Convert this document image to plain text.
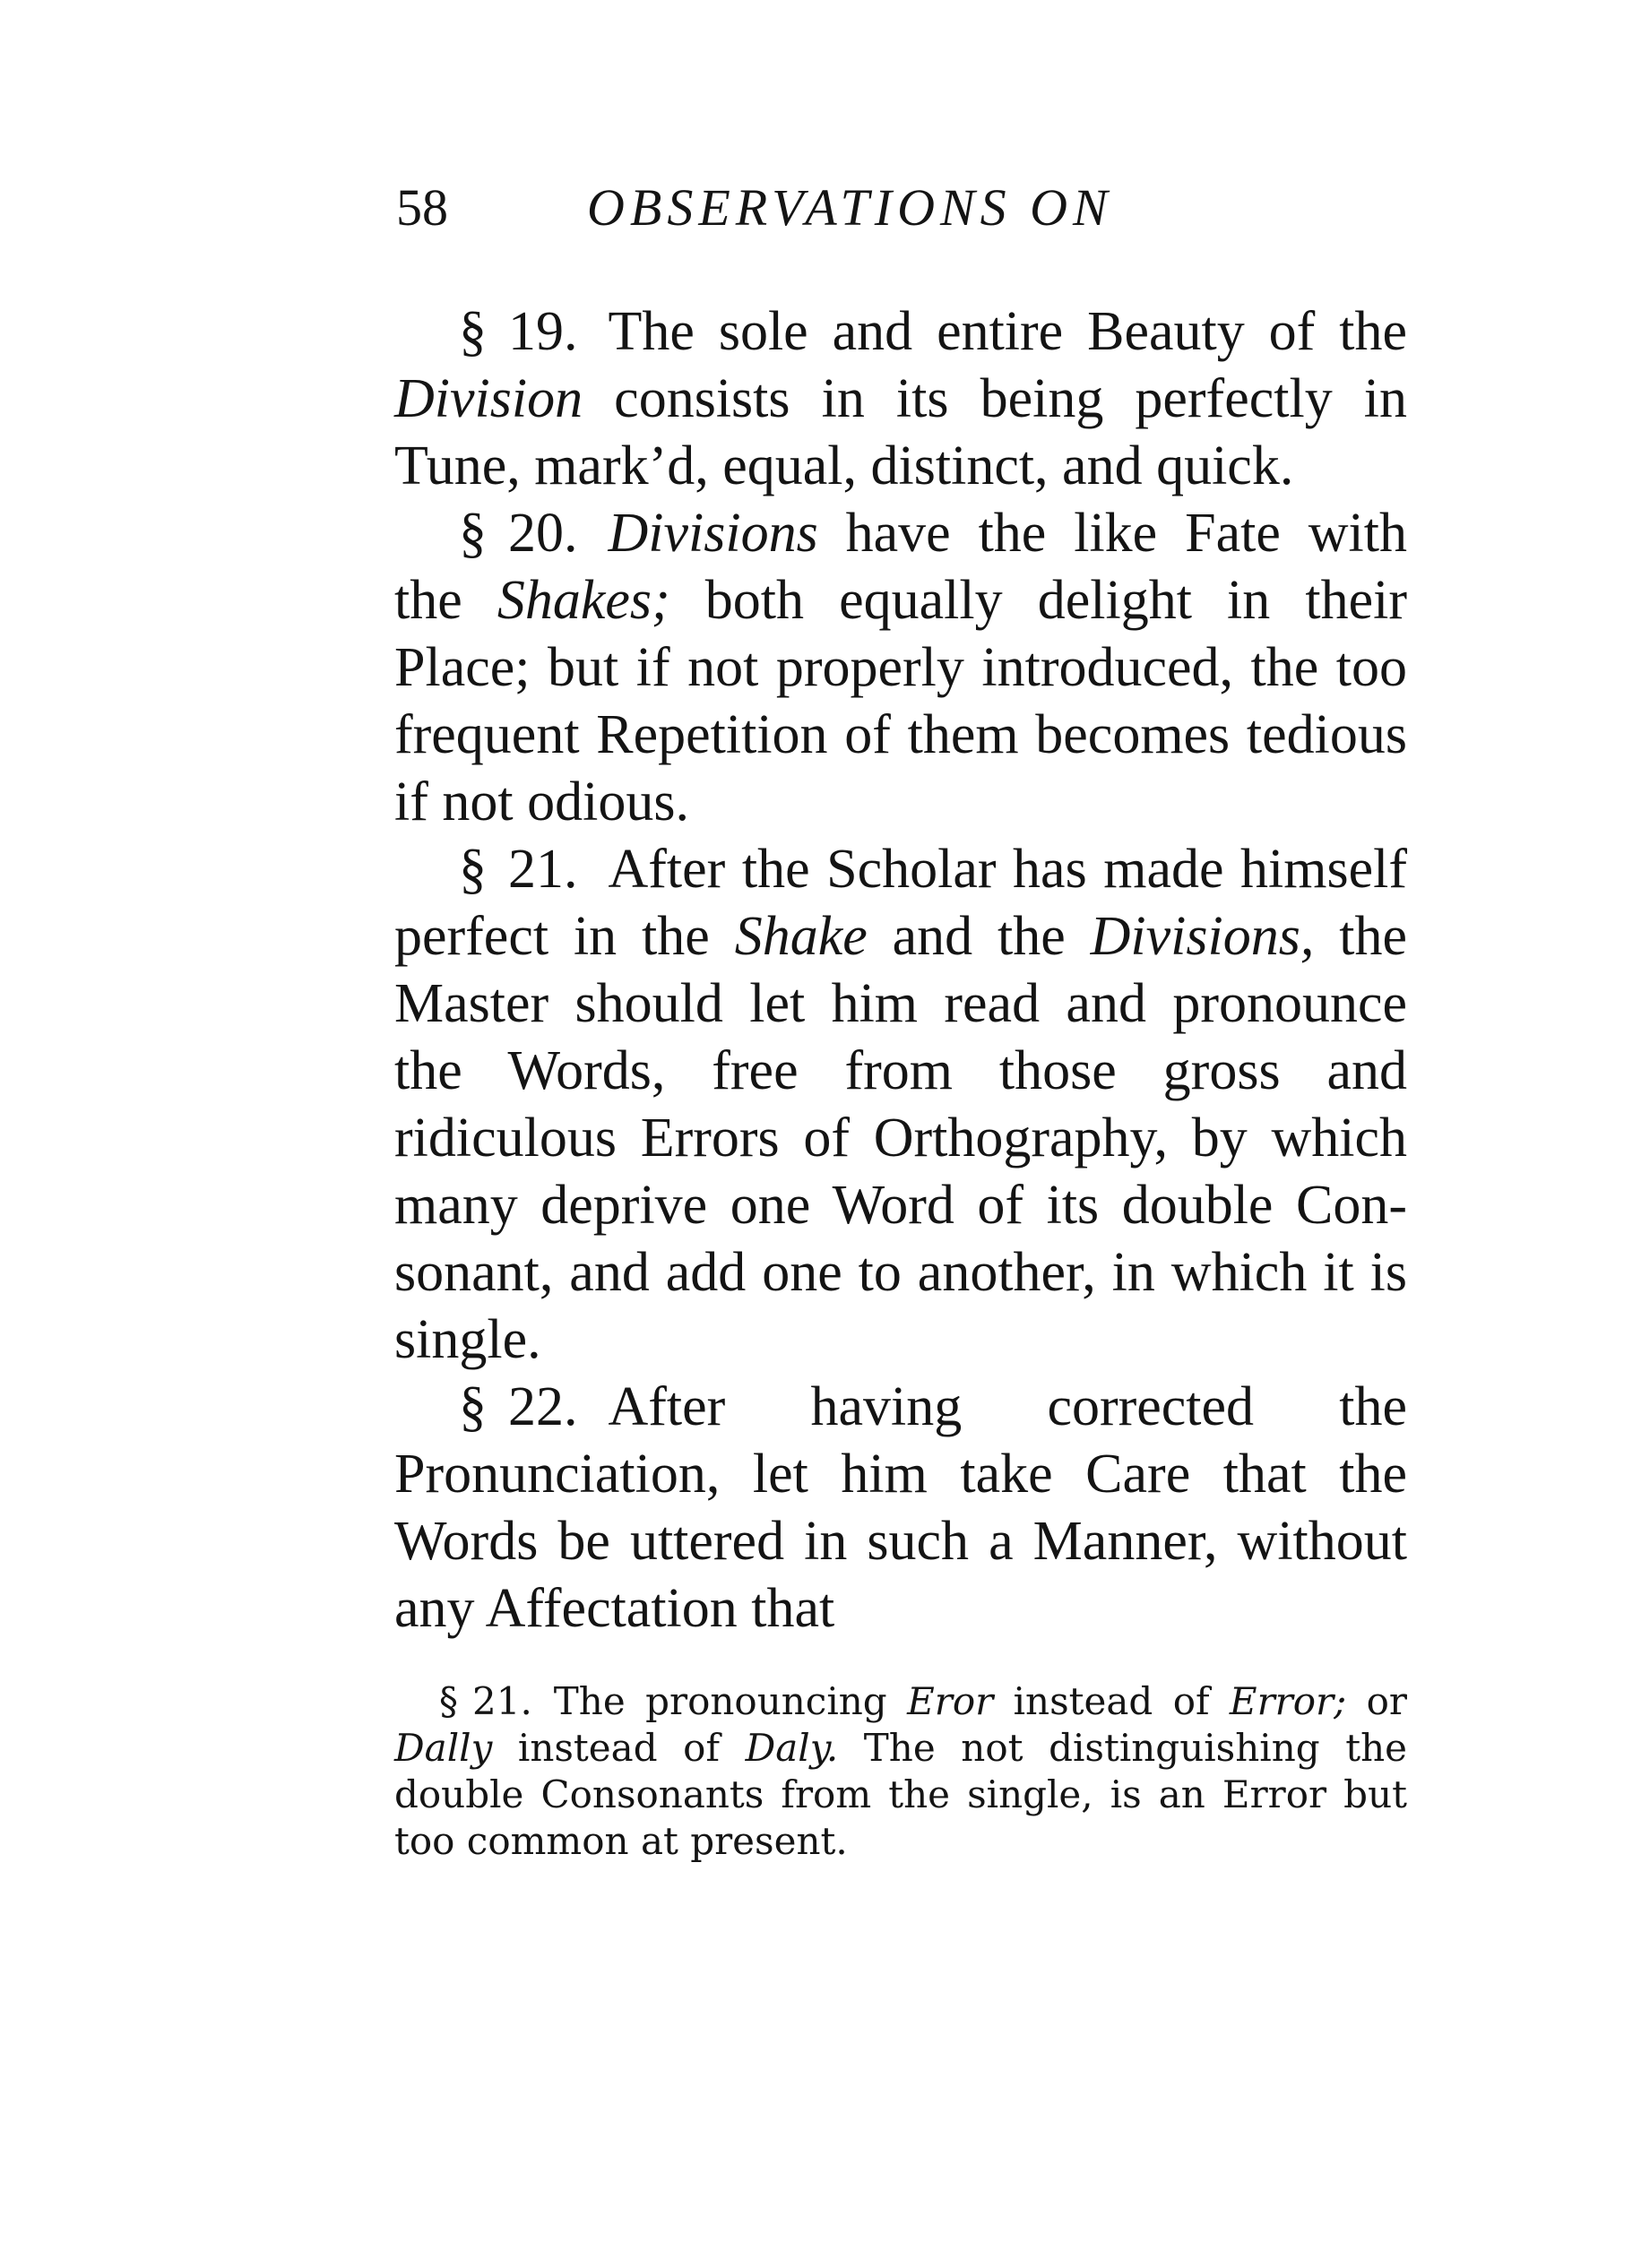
58	OBSERVATIONS ON

§ 19. The sole and entire Beauty of the Division consists in its being perfectly in Tune, mark’d, equal, distinct, and quick.

§ 20. Divisions have the like Fate with the Shakes; both equally delight in their Place; but if not properly introduced, the too frequent Repetition of them becomes tedious if not odious.

§ 21. After the Scholar has made himself perfect in the Shake and the Divisions, the Master should let him read and pronounce the Words, free from those gross and ridiculous Errors of Orthography, by which many deprive one Word of its double Consonant, and add one to another, in which it is single.

§ 22. After having corrected the Pronunciation, let him take Care that the Words be uttered in such a Manner, without any Affectation that

§ 21. The pronouncing Eror instead of Error; or Dally instead of Daly. The not distinguishing the double Consonants from the single, is an Error but too common at present.
